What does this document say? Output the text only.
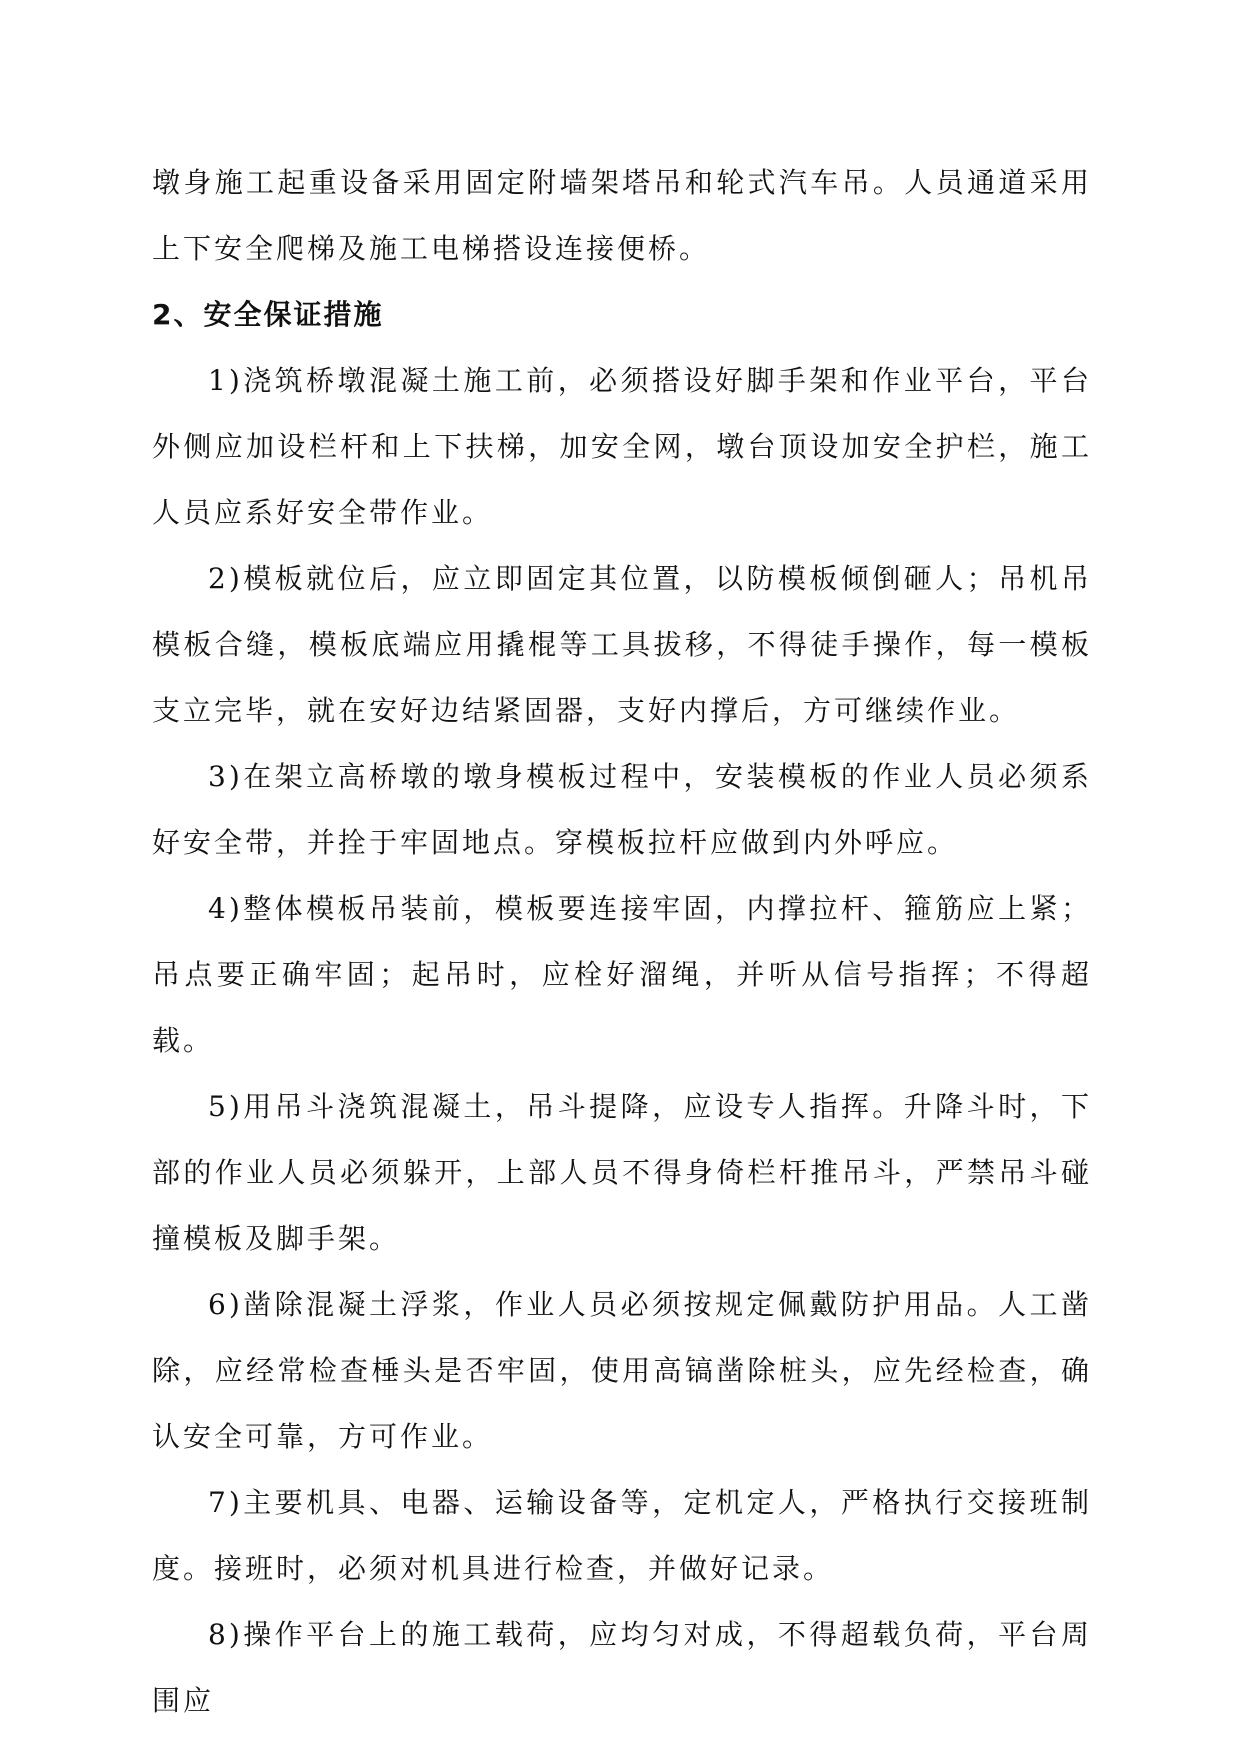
墩身施工起重设备采用固定附墙架塔吊和轮式汽车吊。人员通道采用上下安全爬梯及施工电梯搭设连接便桥。

2、安全保证措施

1)浇筑桥墩混凝土施工前，必须搭设好脚手架和作业平台，平台外侧应加设栏杆和上下扶梯，加安全网，墩台顶设加安全护栏，施工人员应系好安全带作业。

2)模板就位后，应立即固定其位置，以防模板倾倒砸人；吊机吊模板合缝，模板底端应用撬棍等工具拔移，不得徒手操作，每一模板支立完毕，就在安好边结紧固器，支好内撑后，方可继续作业。

3)在架立高桥墩的墩身模板过程中，安装模板的作业人员必须系好安全带，并拴于牢固地点。穿模板拉杆应做到内外呼应。

4)整体模板吊装前，模板要连接牢固，内撑拉杆、箍筋应上紧；吊点要正确牢固；起吊时，应栓好溜绳，并听从信号指挥；不得超载。

5)用吊斗浇筑混凝土，吊斗提降，应设专人指挥。升降斗时，下部的作业人员必须躲开，上部人员不得身倚栏杆推吊斗，严禁吊斗碰撞模板及脚手架。

6)凿除混凝土浮浆，作业人员必须按规定佩戴防护用品。人工凿除，应经常检查棰头是否牢固，使用高镐凿除桩头，应先经检查，确认安全可靠，方可作业。

7)主要机具、电器、运输设备等，定机定人，严格执行交接班制度。接班时，必须对机具进行检查，并做好记录。

8)操作平台上的施工载荷，应均匀对成，不得超载负荷，平台周围应
